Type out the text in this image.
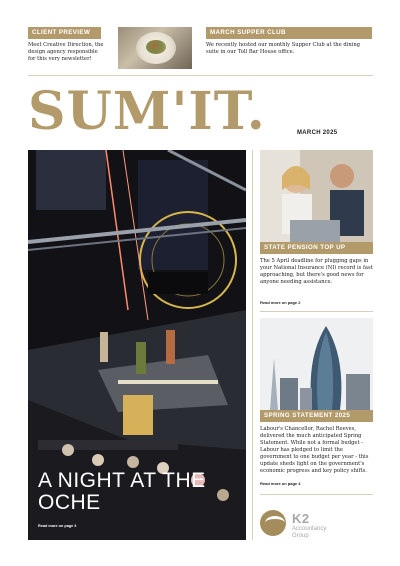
CLIENT PREVIEW
Meet Creative Direction, the design agency responsible for this very newsletter!
MARCH SUPPER CLUB
We recently hosted our monthly Supper Club at the dining suite in our Toll Bar House office.
SUM'IT.	MARCH 2025
A NIGHT AT THE
OCHE
Read more on page 3
STATE PENSION TOP UP
The 5 April deadline for plugging gaps in your National Insurance (NI) record is fast approaching, but there's good news for anyone needing assistance.
Read more on page 2
SPRING STATEMENT 2025
Labour's Chancellor, Rachel Reeves, delivered the much anticipated Spring Statement. While not a formal budget - Labour has pledged to limit the government to one budget per year - this update sheds light on the government's economic progress and key policy shifts.
Read more on page 4
K2
Accountancy
Group
